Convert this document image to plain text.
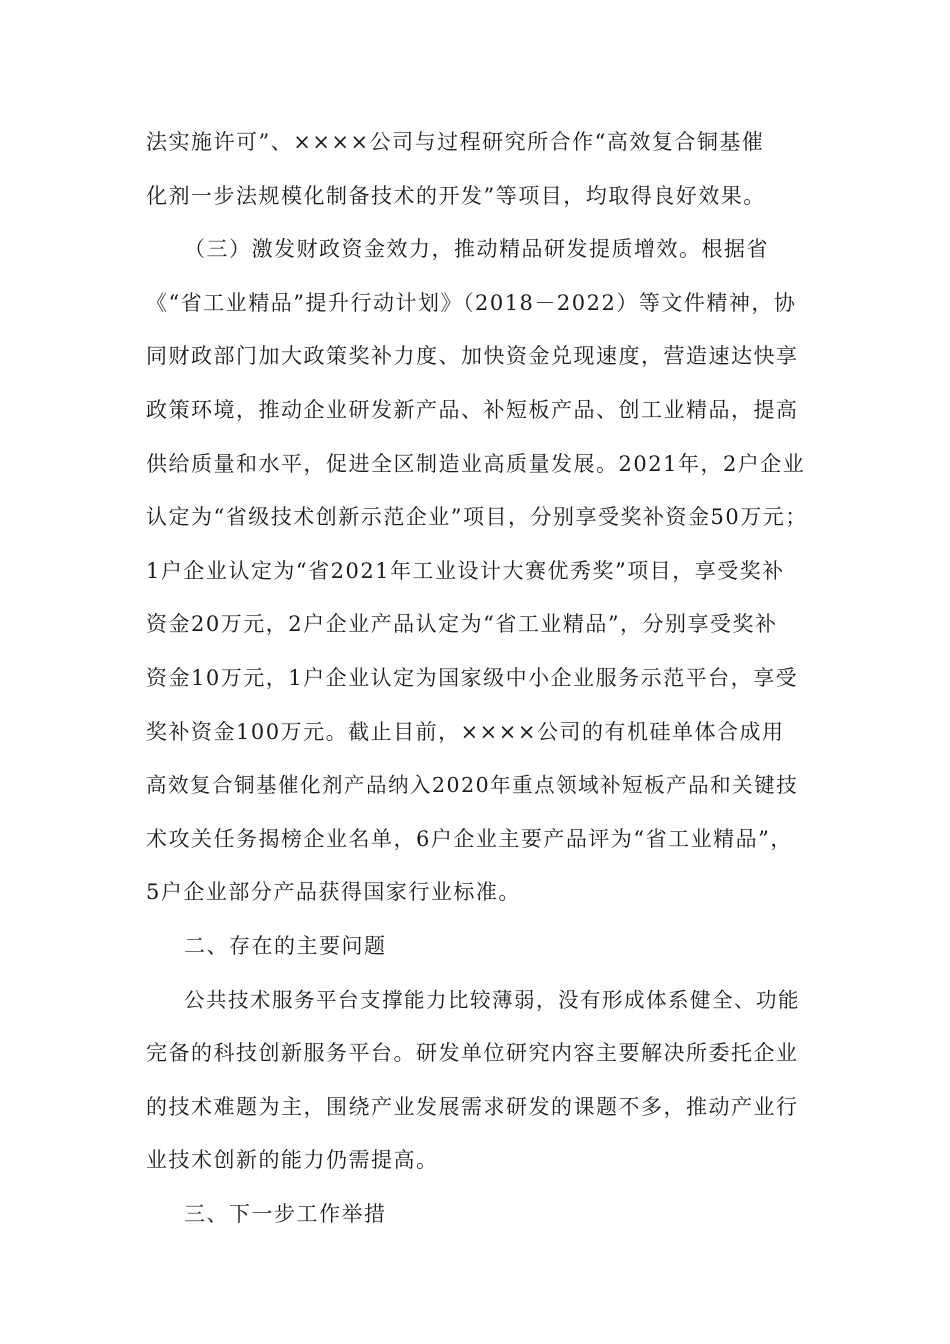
法实施许可”、××××公司与过程研究所合作“高效复合铜基催
化剂一步法规模化制备技术的开发”等项目，均取得良好效果。
（三）激发财政资金效力，推动精品研发提质增效。根据省
《“省工业精品”提升行动计划》（2018－2022）等文件精神，协
同财政部门加大政策奖补力度、加快资金兑现速度，营造速达快享
政策环境，推动企业研发新产品、补短板产品、创工业精品，提高
供给质量和水平，促进全区制造业高质量发展。2021年，2户企业
认定为“省级技术创新示范企业”项目，分别享受奖补资金50万元；
1户企业认定为“省2021年工业设计大赛优秀奖”项目，享受奖补
资金20万元，2户企业产品认定为“省工业精品”，分别享受奖补
资金10万元，1户企业认定为国家级中小企业服务示范平台，享受
奖补资金100万元。截止目前，××××公司的有机硅单体合成用
高效复合铜基催化剂产品纳入2020年重点领域补短板产品和关键技
术攻关任务揭榜企业名单，6户企业主要产品评为“省工业精品”，
5户企业部分产品获得国家行业标准。
二、存在的主要问题
公共技术服务平台支撑能力比较薄弱，没有形成体系健全、功能
完备的科技创新服务平台。研发单位研究内容主要解决所委托企业
的技术难题为主，围绕产业发展需求研发的课题不多，推动产业行
业技术创新的能力仍需提高。
三、下一步工作举措
